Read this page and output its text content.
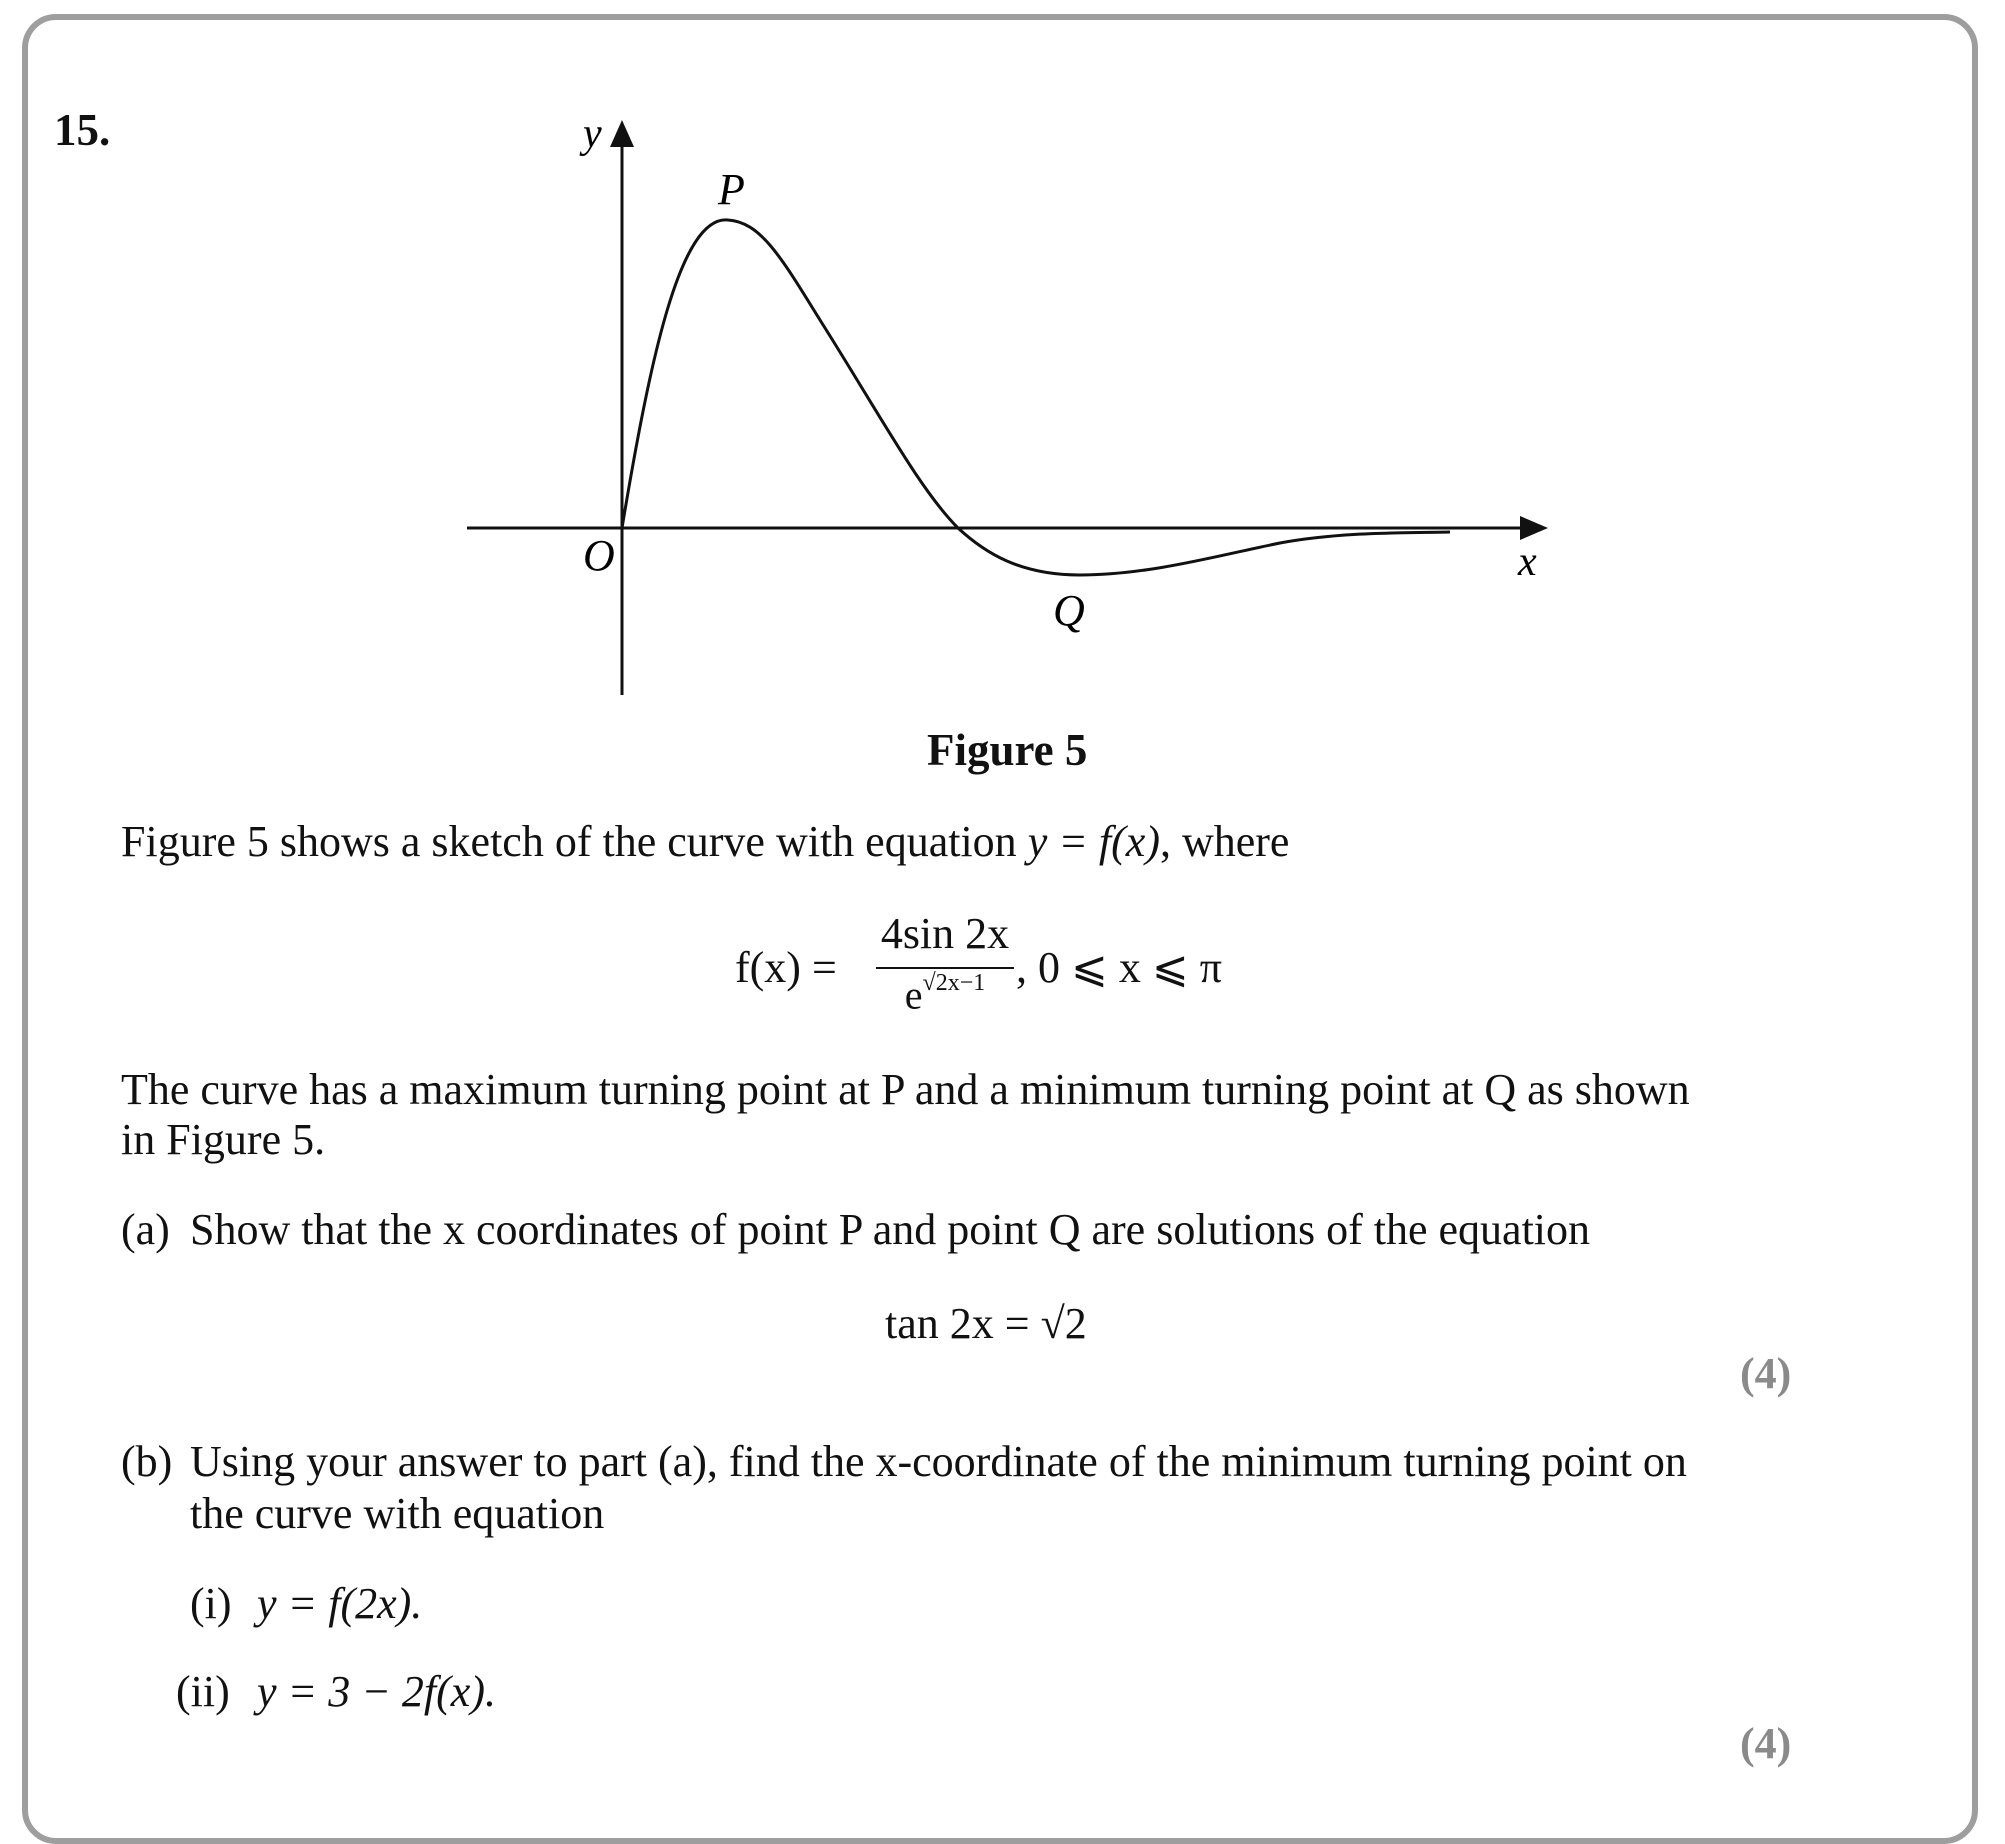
15.	y
P
O	x
Q
Figure 5
Figure 5 shows a sketch of the curve with equation y = f(x), where
f(x) =
4sin 2x
$e^{√2x-1}$ , 0 ⩽ x ⩽ π
The curve has a maximum turning point at P and a minimum turning point at Q as shown
in Figure 5.
(a) Show that the x coordinates of point P and point Q are solutions of the equation
tan 2x = √2
(4)
(b) Using your answer to part (a), find the x-coordinate of the minimum turning point on
the curve with equation
(i) y = f(2x).
(ii) y = 3 − 2f(x).
(4)
